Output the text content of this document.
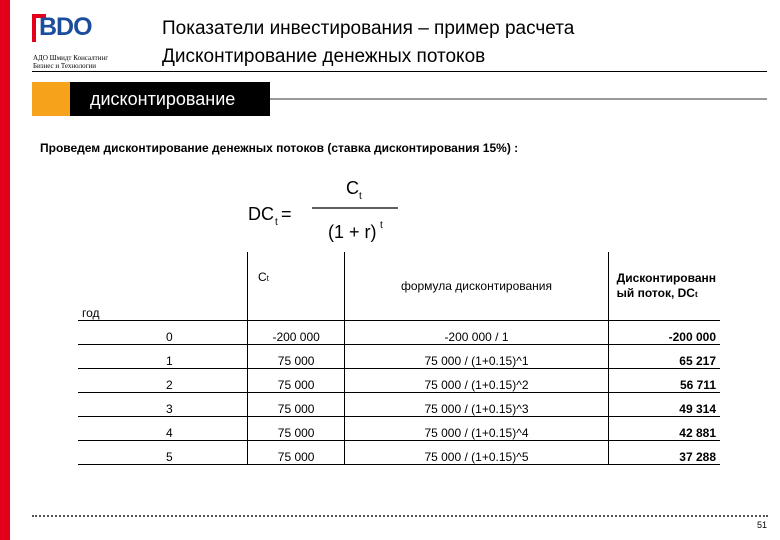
BDO
АДО Шмидт Консалтинг
Бизнес и Технологии
Показатели инвестирования – пример расчета
Дисконтирование денежных потоков
дисконтирование
Проведем дисконтирование денежных потоков (ставка дисконтирования 15%) :
DC t =
C t
(1 + r) t
год	Ct	формула дисконтирования	Дисконтированн
ый поток, DCt

0	-200 000	-200 000 / 1	-200 000
1	75 000	75 000 / (1+0.15)^1	65 217
2	75 000	75 000 / (1+0.15)^2	56 711
3	75 000	75 000 / (1+0.15)^3	49 314
4	75 000	75 000 / (1+0.15)^4	42 881
5	75 000	75 000 / (1+0.15)^5	37 288
51
